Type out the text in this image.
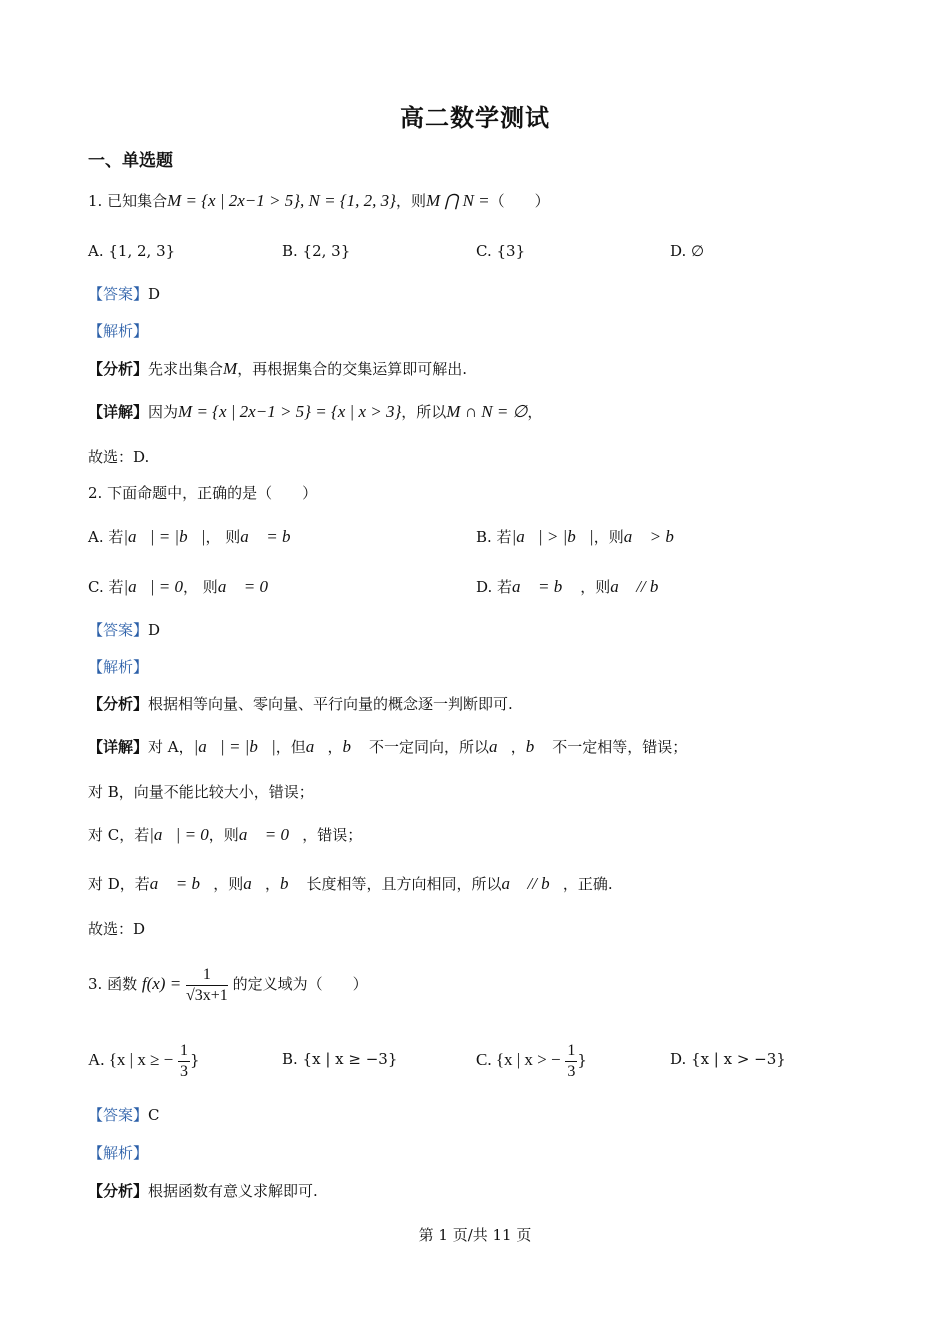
高二数学测试
一、单选题
1. 已知集合M = {x | 2x−1 > 5}, N = {1, 2, 3}，则M ⋂ N =（　　）
A. {1, 2, 3}	B. {2, 3}	C. {3}	D. ∅
【答案】D
【解析】
【分析】先求出集合M，再根据集合的交集运算即可解出.
【详解】因为M = {x | 2x−1 > 5} = {x | x > 3}，所以M ∩ N = ∅，
故选：D.
2. 下面命题中，正确的是（　　）
A. 若|a⃗| = |b⃗|， 则a⃗ = b⃗	B. 若|a⃗| > |b⃗|，则a⃗ > b⃗
C. 若|a⃗| = 0， 则a⃗ = 0	D. 若a⃗ = b⃗ ，则a⃗ // b⃗
【答案】D
【解析】
【分析】根据相等向量、零向量、平行向量的概念逐一判断即可.
【详解】对 A，|a⃗| = |b⃗|，但a⃗，b⃗ 不一定同向，所以a⃗，b⃗ 不一定相等，错误；
对 B，向量不能比较大小，错误；
对 C，若|a⃗| = 0，则a⃗ = 0⃗，错误；
对 D，若a⃗ = b⃗，则a⃗，b⃗ 长度相等，且方向相同，所以a⃗ // b⃗，正确.
故选：D
3. 函数 $f(x) = \frac{1}{√3x+1}$ 的定义域为（　　）
A. {x | x ≥ − $\frac{1}{3}$ }	B. {x | x ≥ −3}	C. {x | x > − $\frac{1}{3}$ }	D. {x | x > −3}
【答案】C
【解析】
【分析】根据函数有意义求解即可.
第 1 页/共 11 页
